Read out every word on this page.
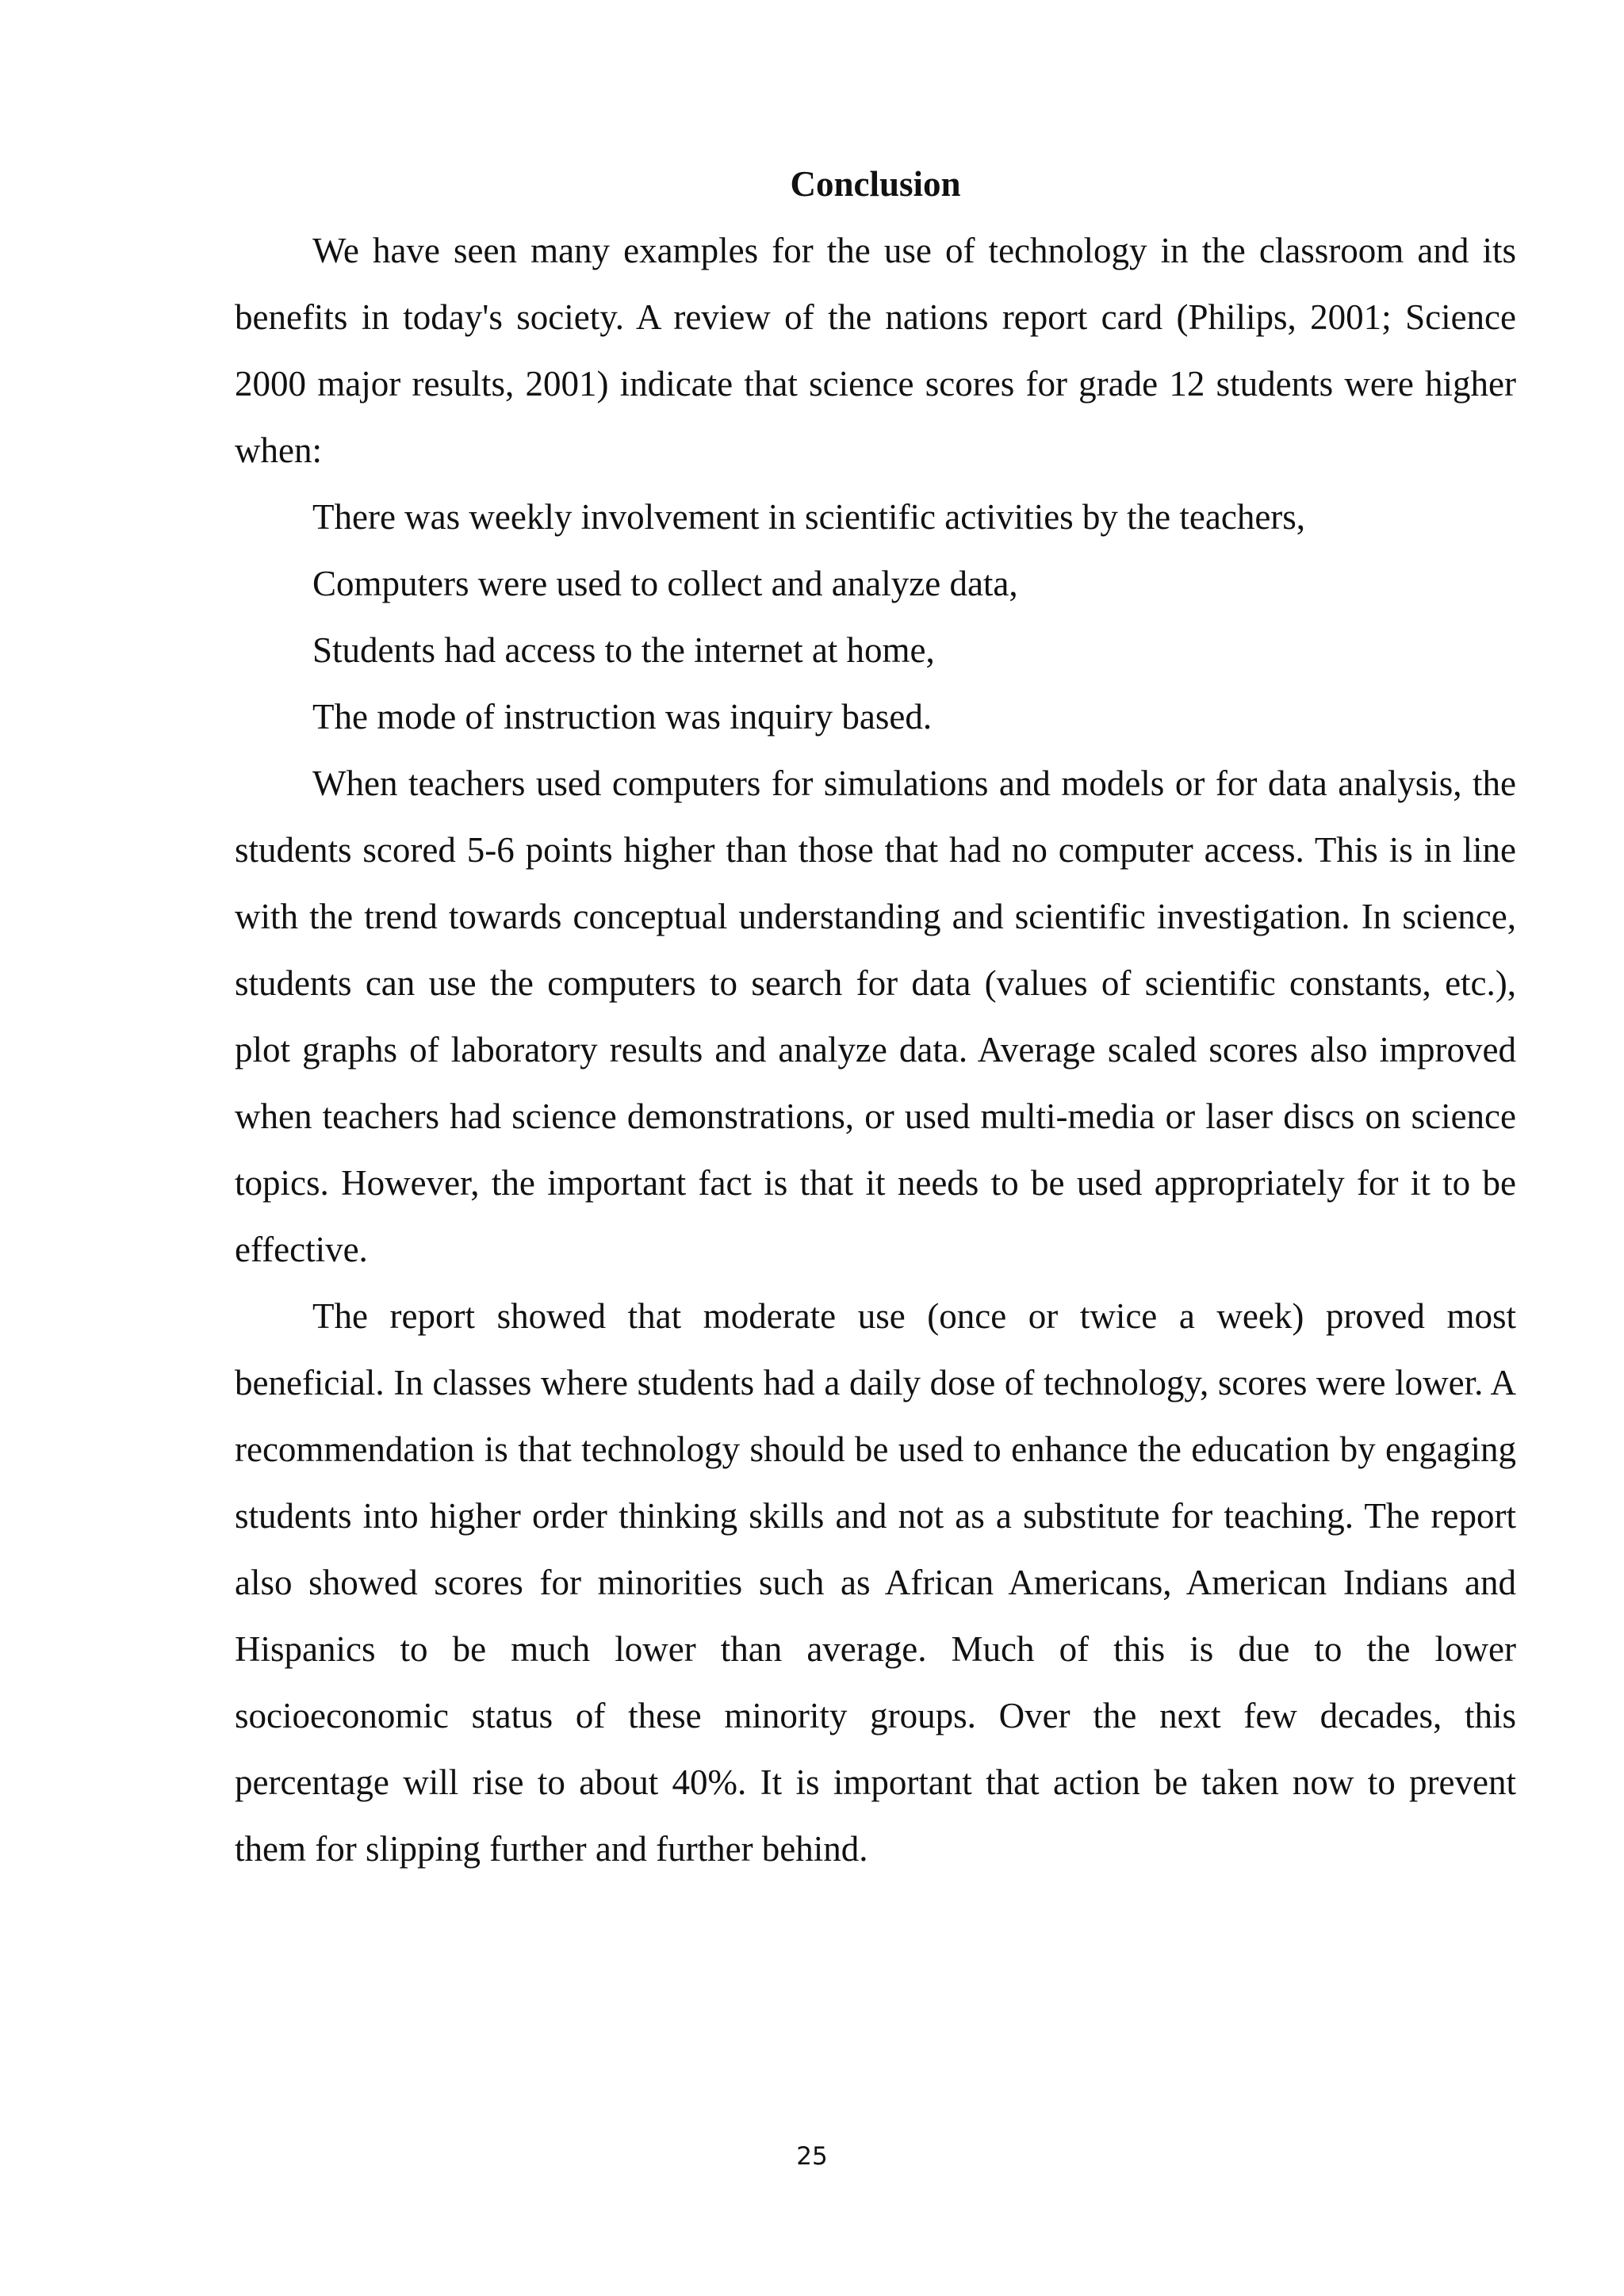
Conclusion

We have seen many examples for the use of technology in the classroom and its benefits in today's society. A review of the nations report card (Philips, 2001; Science 2000 major results, 2001) indicate that science scores for grade 12 students were higher when:

There was weekly involvement in scientific activities by the teachers,
Computers were used to collect and analyze data,
Students had access to the internet at home,
The mode of instruction was inquiry based.

When teachers used computers for simulations and models or for data analysis, the students scored 5-6 points higher than those that had no computer access. This is in line with the trend towards conceptual understanding and scientific investigation. In science, students can use the computers to search for data (values of scientific constants, etc.), plot graphs of laboratory results and analyze data. Average scaled scores also improved when teachers had science demonstrations, or used multi-media or laser discs on science topics. However, the important fact is that it needs to be used appropriately for it to be effective.

The report showed that moderate use (once or twice a week) proved most beneficial. In classes where students had a daily dose of technology, scores were lower. A recommendation is that technology should be used to enhance the education by engaging students into higher order thinking skills and not as a substitute for teaching. The report also showed scores for minorities such as African Americans, American Indians and Hispanics to be much lower than average. Much of this is due to the lower socioeconomic status of these minority groups. Over the next few decades, this percentage will rise to about 40%. It is important that action be taken now to prevent them for slipping further and further behind.

25
